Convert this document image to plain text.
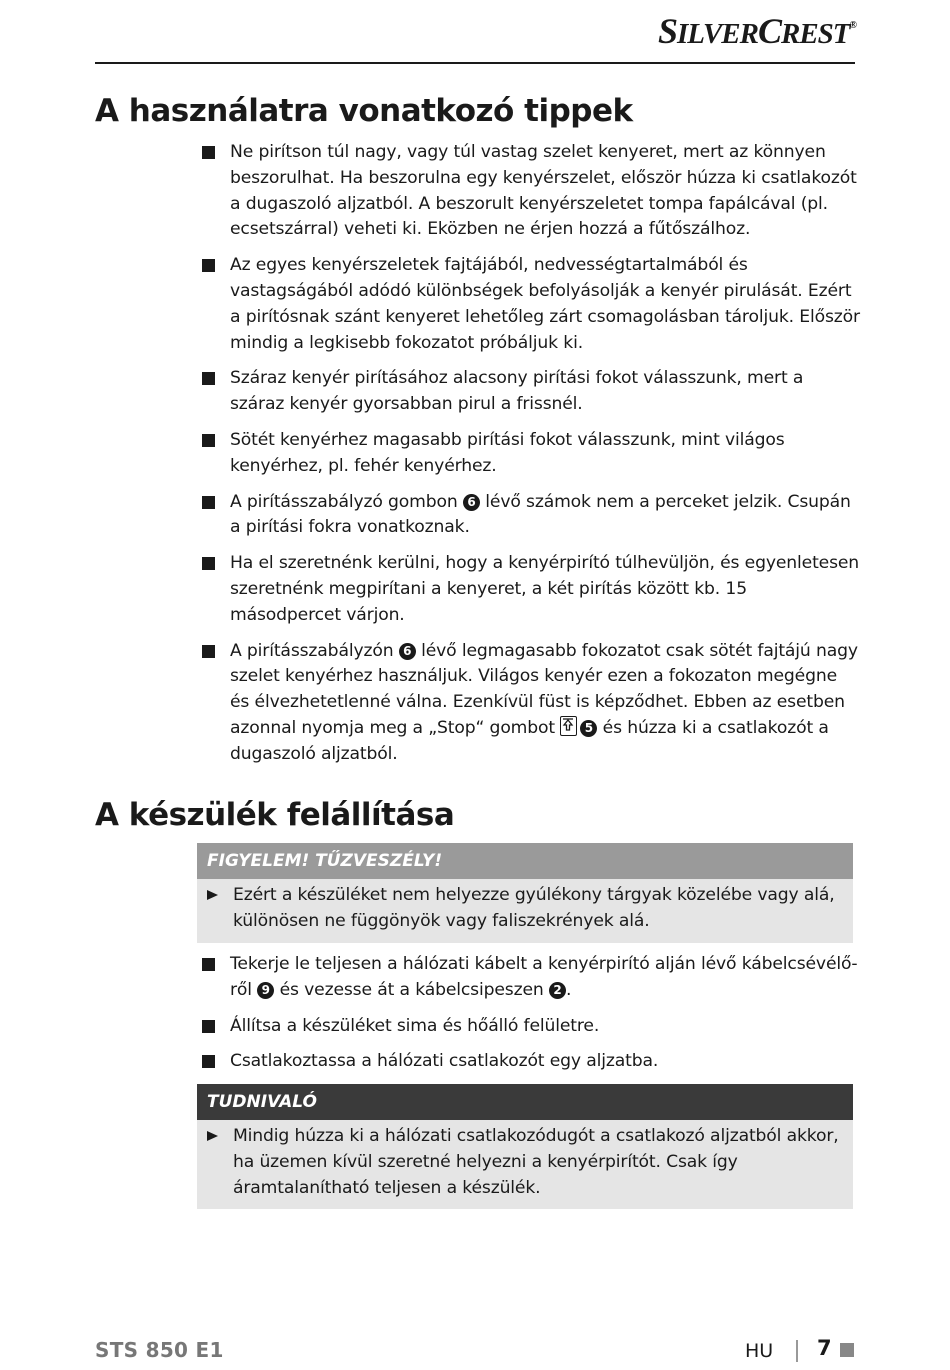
SILVERCREST®
A használatra vonatkozó tippek
Ne pirítson túl nagy, vagy túl vastag szelet kenyeret, mert az könnyen beszorulhat. Ha beszorulna egy kenyérszelet, először húzza ki csatlakozót a dugaszoló aljzatból. A beszorult kenyérszeletet tompa fapálcával (pl. ecsetszárral) veheti ki. Eközben ne érjen hozzá a fűtőszálhoz.
Az egyes kenyérszeletek fajtájából, nedvességtartalmából és vastagságából adódó különbségek befolyásolják a kenyér pirulását. Ezért a pirítósnak szánt kenyeret lehetőleg zárt csomagolásban tároljuk. Először mindig a legkisebb fokozatot próbáljuk ki.
Száraz kenyér pirításához alacsony pirítási fokot válasszunk, mert a száraz kenyér gyorsabban pirul a frissnél.
Sötét kenyérhez magasabb pirítási fokot válasszunk, mint világos kenyérhez, pl. fehér kenyérhez.
A pirításszabályzó gombon 6 lévő számok nem a perceket jelzik. Csupán a pirítási fokra vonatkoznak.
Ha el szeretnénk kerülni, hogy a kenyérpirító túlhevüljön, és egyenletesen szeretnénk megpirítani a kenyeret, a két pirítás között kb. 15 másodpercet várjon.
A pirításszabályzón 6 lévő legmagasabb fokozatot csak sötét fajtájú nagy szelet kenyérhez használjuk. Világos kenyér ezen a fokozaton megégne és élvezhetetlenné válna. Ezenkívül füst is képződhet. Ebben az esetben azonnal nyomja meg a „Stop“ gombot 5 és húzza ki a csatlakozót a dugaszoló aljzatból.
A készülék felállítása
FIGYELEM! TŰZVESZÉLY!
Ezért a készüléket nem helyezze gyúlékony tárgyak közelébe vagy alá, különösen ne függönyök vagy faliszekrények alá.
Tekerje le teljesen a hálózati kábelt a kenyérpirító alján lévő kábelcsévélő-ről 9 és vezesse át a kábelcsipeszen 2 .
Állítsa a készüléket sima és hőálló felületre.
Csatlakoztassa a hálózati csatlakozót egy aljzatba.
TUDNIVALÓ
Mindig húzza ki a hálózati csatlakozódugót a csatlakozó aljzatból akkor, ha üzemen kívül szeretné helyezni a kenyérpirítót. Csak így áramtalanítható teljesen a készülék.
STS 850 E1	HU 7
